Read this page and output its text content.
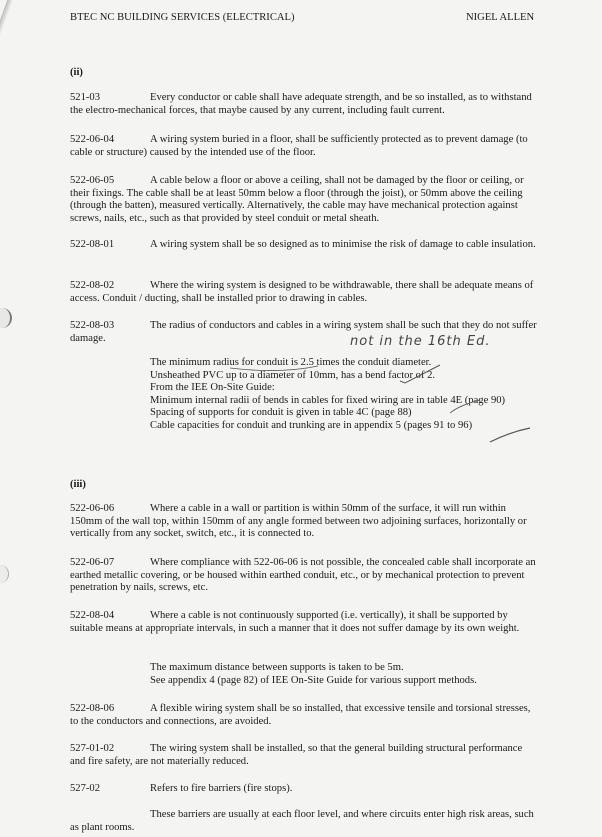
BTEC NC BUILDING SERVICES (ELECTRICAL)	NIGEL ALLEN
(ii)
521-03	Every conductor or cable shall have adequate strength, and be so installed, as to withstand the electro-mechanical forces, that maybe caused by any current, including fault current.
522-06-04	A wiring system buried in a floor, shall be sufficiently protected as to prevent damage (to cable or structure) caused by the intended use of the floor.
522-06-05	A cable below a floor or above a ceiling, shall not be damaged by the floor or ceiling, or their fixings. The cable shall be at least 50mm below a floor (through the joist), or 50mm above the ceiling (through the batten), measured vertically. Alternatively, the cable may have mechanical protection against screws, nails, etc., such as that provided by steel conduit or metal sheath.
522-08-01	A wiring system shall be so designed as to minimise the risk of damage to cable insulation.
522-08-02	Where the wiring system is designed to be withdrawable, there shall be adequate means of access. Conduit / ducting, shall be installed prior to drawing in cables.
522-08-03	The radius of conductors and cables in a wiring system shall be such that they do not suffer damage.	not in the 16th Ed.
The minimum radius for conduit is 2.5 times the conduit diameter.
Unsheathed PVC up to a diameter of 10mm, has a bend factor of 2.
From the IEE On-Site Guide:
Minimum internal radii of bends in cables for fixed wiring are in table 4E (page 90)
Spacing of supports for conduit is given in table 4C (page 88)
Cable capacities for conduit and trunking are in appendix 5 (pages 91 to 96)
(iii)
522-06-06	Where a cable in a wall or partition is within 50mm of the surface, it will run within 150mm of the wall top, within 150mm of any angle formed between two adjoining surfaces, horizontally or vertically from any socket, switch, etc., it is connected to.
522-06-07	Where compliance with 522-06-06 is not possible, the concealed cable shall incorporate an earthed metallic covering, or be housed within earthed conduit, etc., or by mechanical protection to prevent penetration by nails, screws, etc.
522-08-04	Where a cable is not continuously supported (i.e. vertically), it shall be supported by suitable means at appropriate intervals, in such a manner that it does not suffer damage by its own weight.
The maximum distance between supports is taken to be 5m.
See appendix 4 (page 82) of IEE On-Site Guide for various support methods.
522-08-06	A flexible wiring system shall be so installed, that excessive tensile and torsional stresses, to the conductors and connections, are avoided.
527-01-02	The wiring system shall be installed, so that the general building structural performance and fire safety, are not materially reduced.
527-02	Refers to fire barriers (fire stops).
These barriers are usually at each floor level, and where circuits enter high risk areas, such as plant rooms.
